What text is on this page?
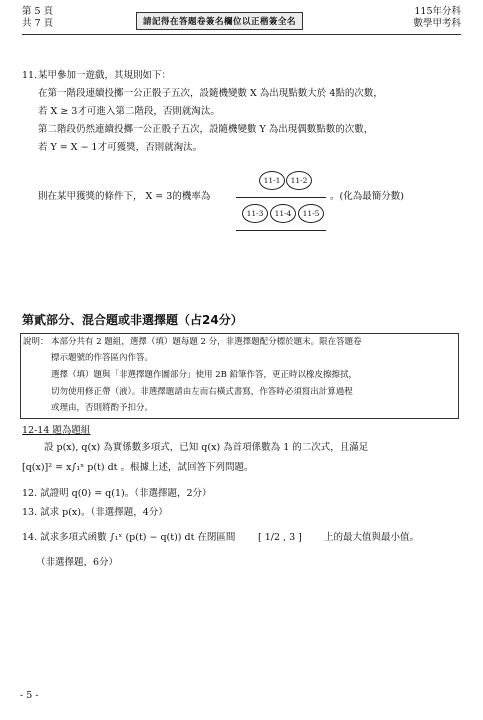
第 5 頁
共 7 頁	請記得在答題卷簽名欄位以正楷簽全名
115年分科
數學甲考科
11. 某甲參加一遊戲，其規則如下：
在第一階段連續投擲一公正骰子五次，設隨機變數 X 為出現點數大於 4點的次數，
若 X ≥ 3才可進入第二階段，否則就淘汰。
第二階段仍然連續投擲一公正骰子五次，設隨機變數 Y 為出現偶數點數的次數，
若 Y = X − 1才可獲獎，否則就淘汰。
則在某甲獲獎的條件下， X = 3的機率為
11-1	11-2
11-3	11-4	11-5
。(化為最簡分數)
第貳部分、混合題或非選擇題（占24分）
說明： 本部分共有 2 題組，選擇（填）題每題 2 分，非選擇題配分標於題末。限在答題卷
標示題號的作答區內作答。
選擇（填）題與「非選擇題作圖部分」使用 2B 鉛筆作答，更正時以橡皮擦擦拭，
切勿使用修正帶（液）。非選擇題請由左而右橫式書寫，作答時必須寫出計算過程
或理由，否則將酌予扣分。
12-14 題為題組
設 p(x), q(x) 為實係數多項式，已知 q(x) 為首項係數為 1 的二次式，且滿足
[q(x)]² = x∫₁ˣ p(t) dt 。根據上述，試回答下列問題。
12. 試證明 q(0) = q(1)。（非選擇題，2分）
13. 試求 p(x)。（非選擇題，4分）
14. 試求多項式函數 ∫₁ˣ (p(t) − q(t)) dt 在閉區間 [ 1/2 , 3 ] 上的最大值與最小值。
（非選擇題，6分）
- 5 -
